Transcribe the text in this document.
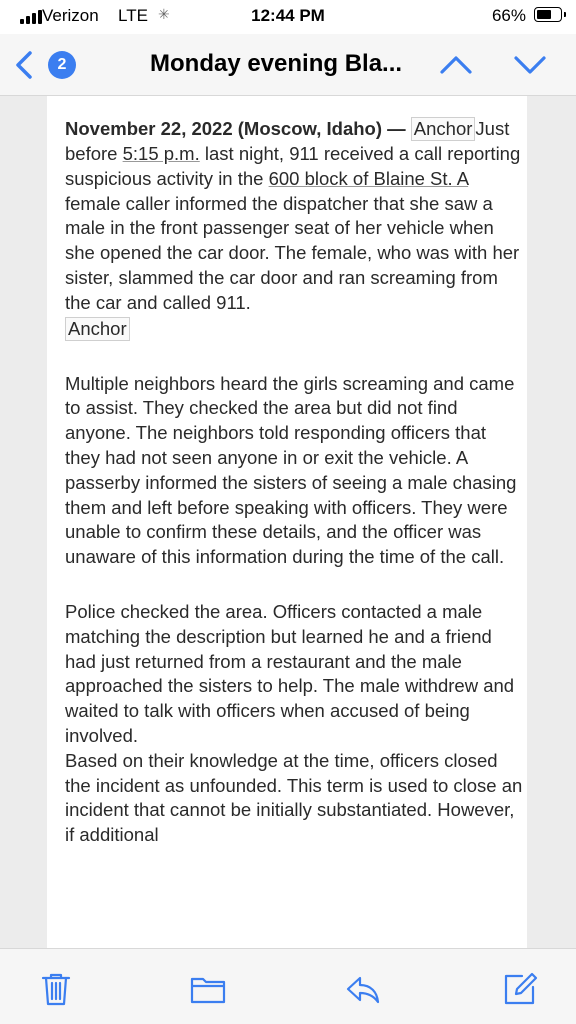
Verizon LTE ✳	12:44 PM	66%
2	Monday evening Bla...

November 22, 2022 (Moscow, Idaho) — Anchor Just before 5:15 p.m. last night, 911 received a call reporting suspicious activity in the 600 block of Blaine St. A female caller informed the dispatcher that she saw a male in the front passenger seat of her vehicle when she opened the car door. The female, who was with her sister, slammed the car door and ran screaming from the car and called 911.
Anchor

Multiple neighbors heard the girls screaming and came to assist. They checked the area but did not find anyone. The neighbors told responding officers that they had not seen anyone in or exit the vehicle. A passerby informed the sisters of seeing a male chasing them and left before speaking with officers. They were unable to confirm these details, and the officer was unaware of this information during the time of the call.

Police checked the area. Officers contacted a male matching the description but learned he and a friend had just returned from a restaurant and the male approached the sisters to help. The male withdrew and waited to talk with officers when accused of being involved.

Based on their knowledge at the time, officers closed the incident as unfounded. This term is used to close an incident that cannot be initially substantiated. However, if additional
